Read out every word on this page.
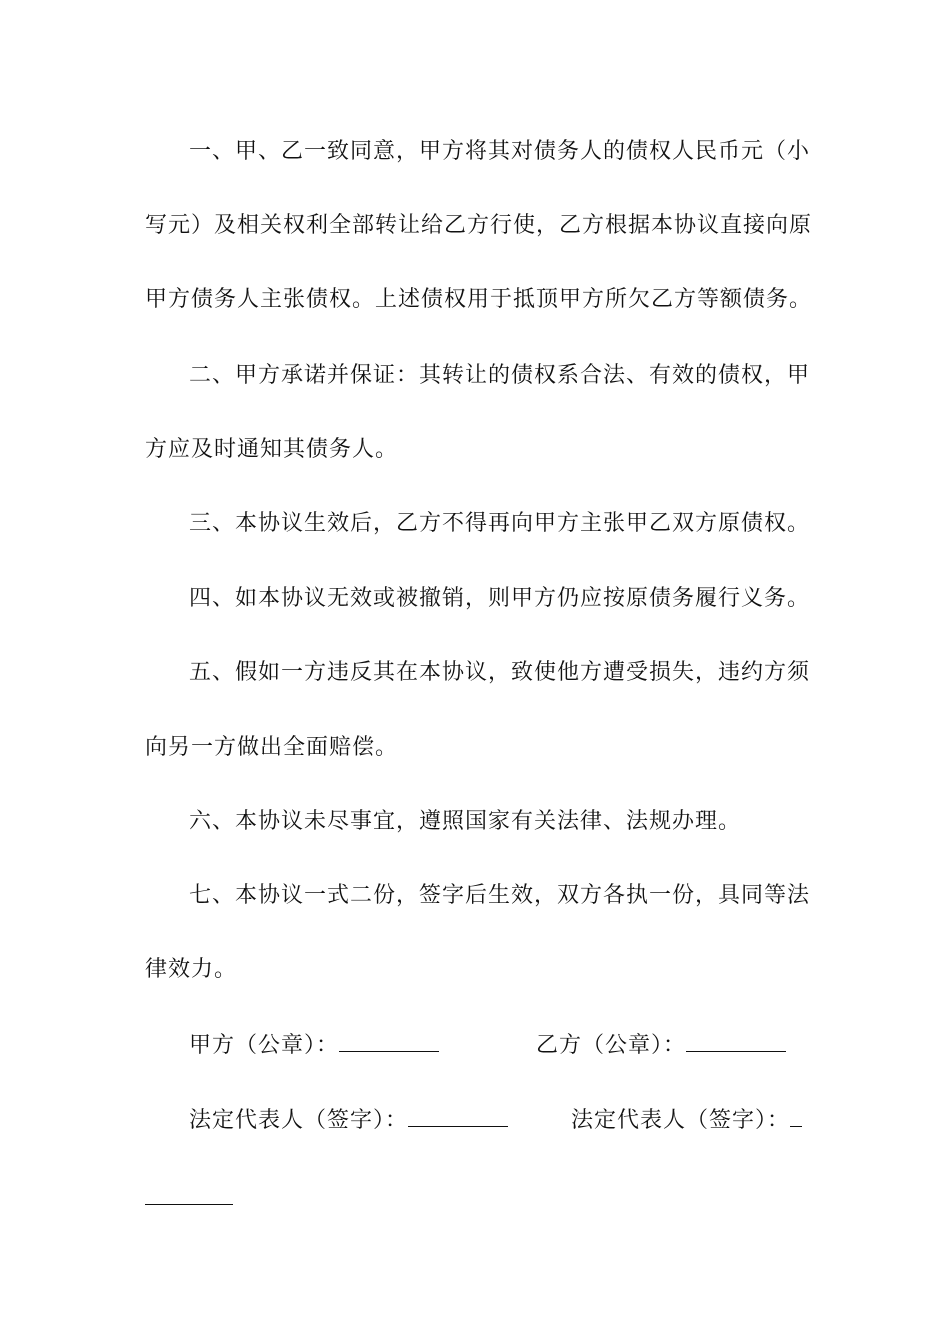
一、甲、乙一致同意，甲方将其对债务人的债权人民币元（小
写元）及相关权利全部转让给乙方行使，乙方根据本协议直接向原
甲方债务人主张债权。上述债权用于抵顶甲方所欠乙方等额债务。
二、甲方承诺并保证：其转让的债权系合法、有效的债权，甲
方应及时通知其债务人。
三、本协议生效后，乙方不得再向甲方主张甲乙双方原债权。
四、如本协议无效或被撤销，则甲方仍应按原债务履行义务。
五、假如一方违反其在本协议，致使他方遭受损失，违约方须
向另一方做出全面赔偿。
六、本协议未尽事宜，遵照国家有关法律、法规办理。
七、本协议一式二份，签字后生效，双方各执一份，具同等法
律效力。
甲方（公章）：	乙方（公章）：
法定代表人（签字）：	法定代表人（签字）：
